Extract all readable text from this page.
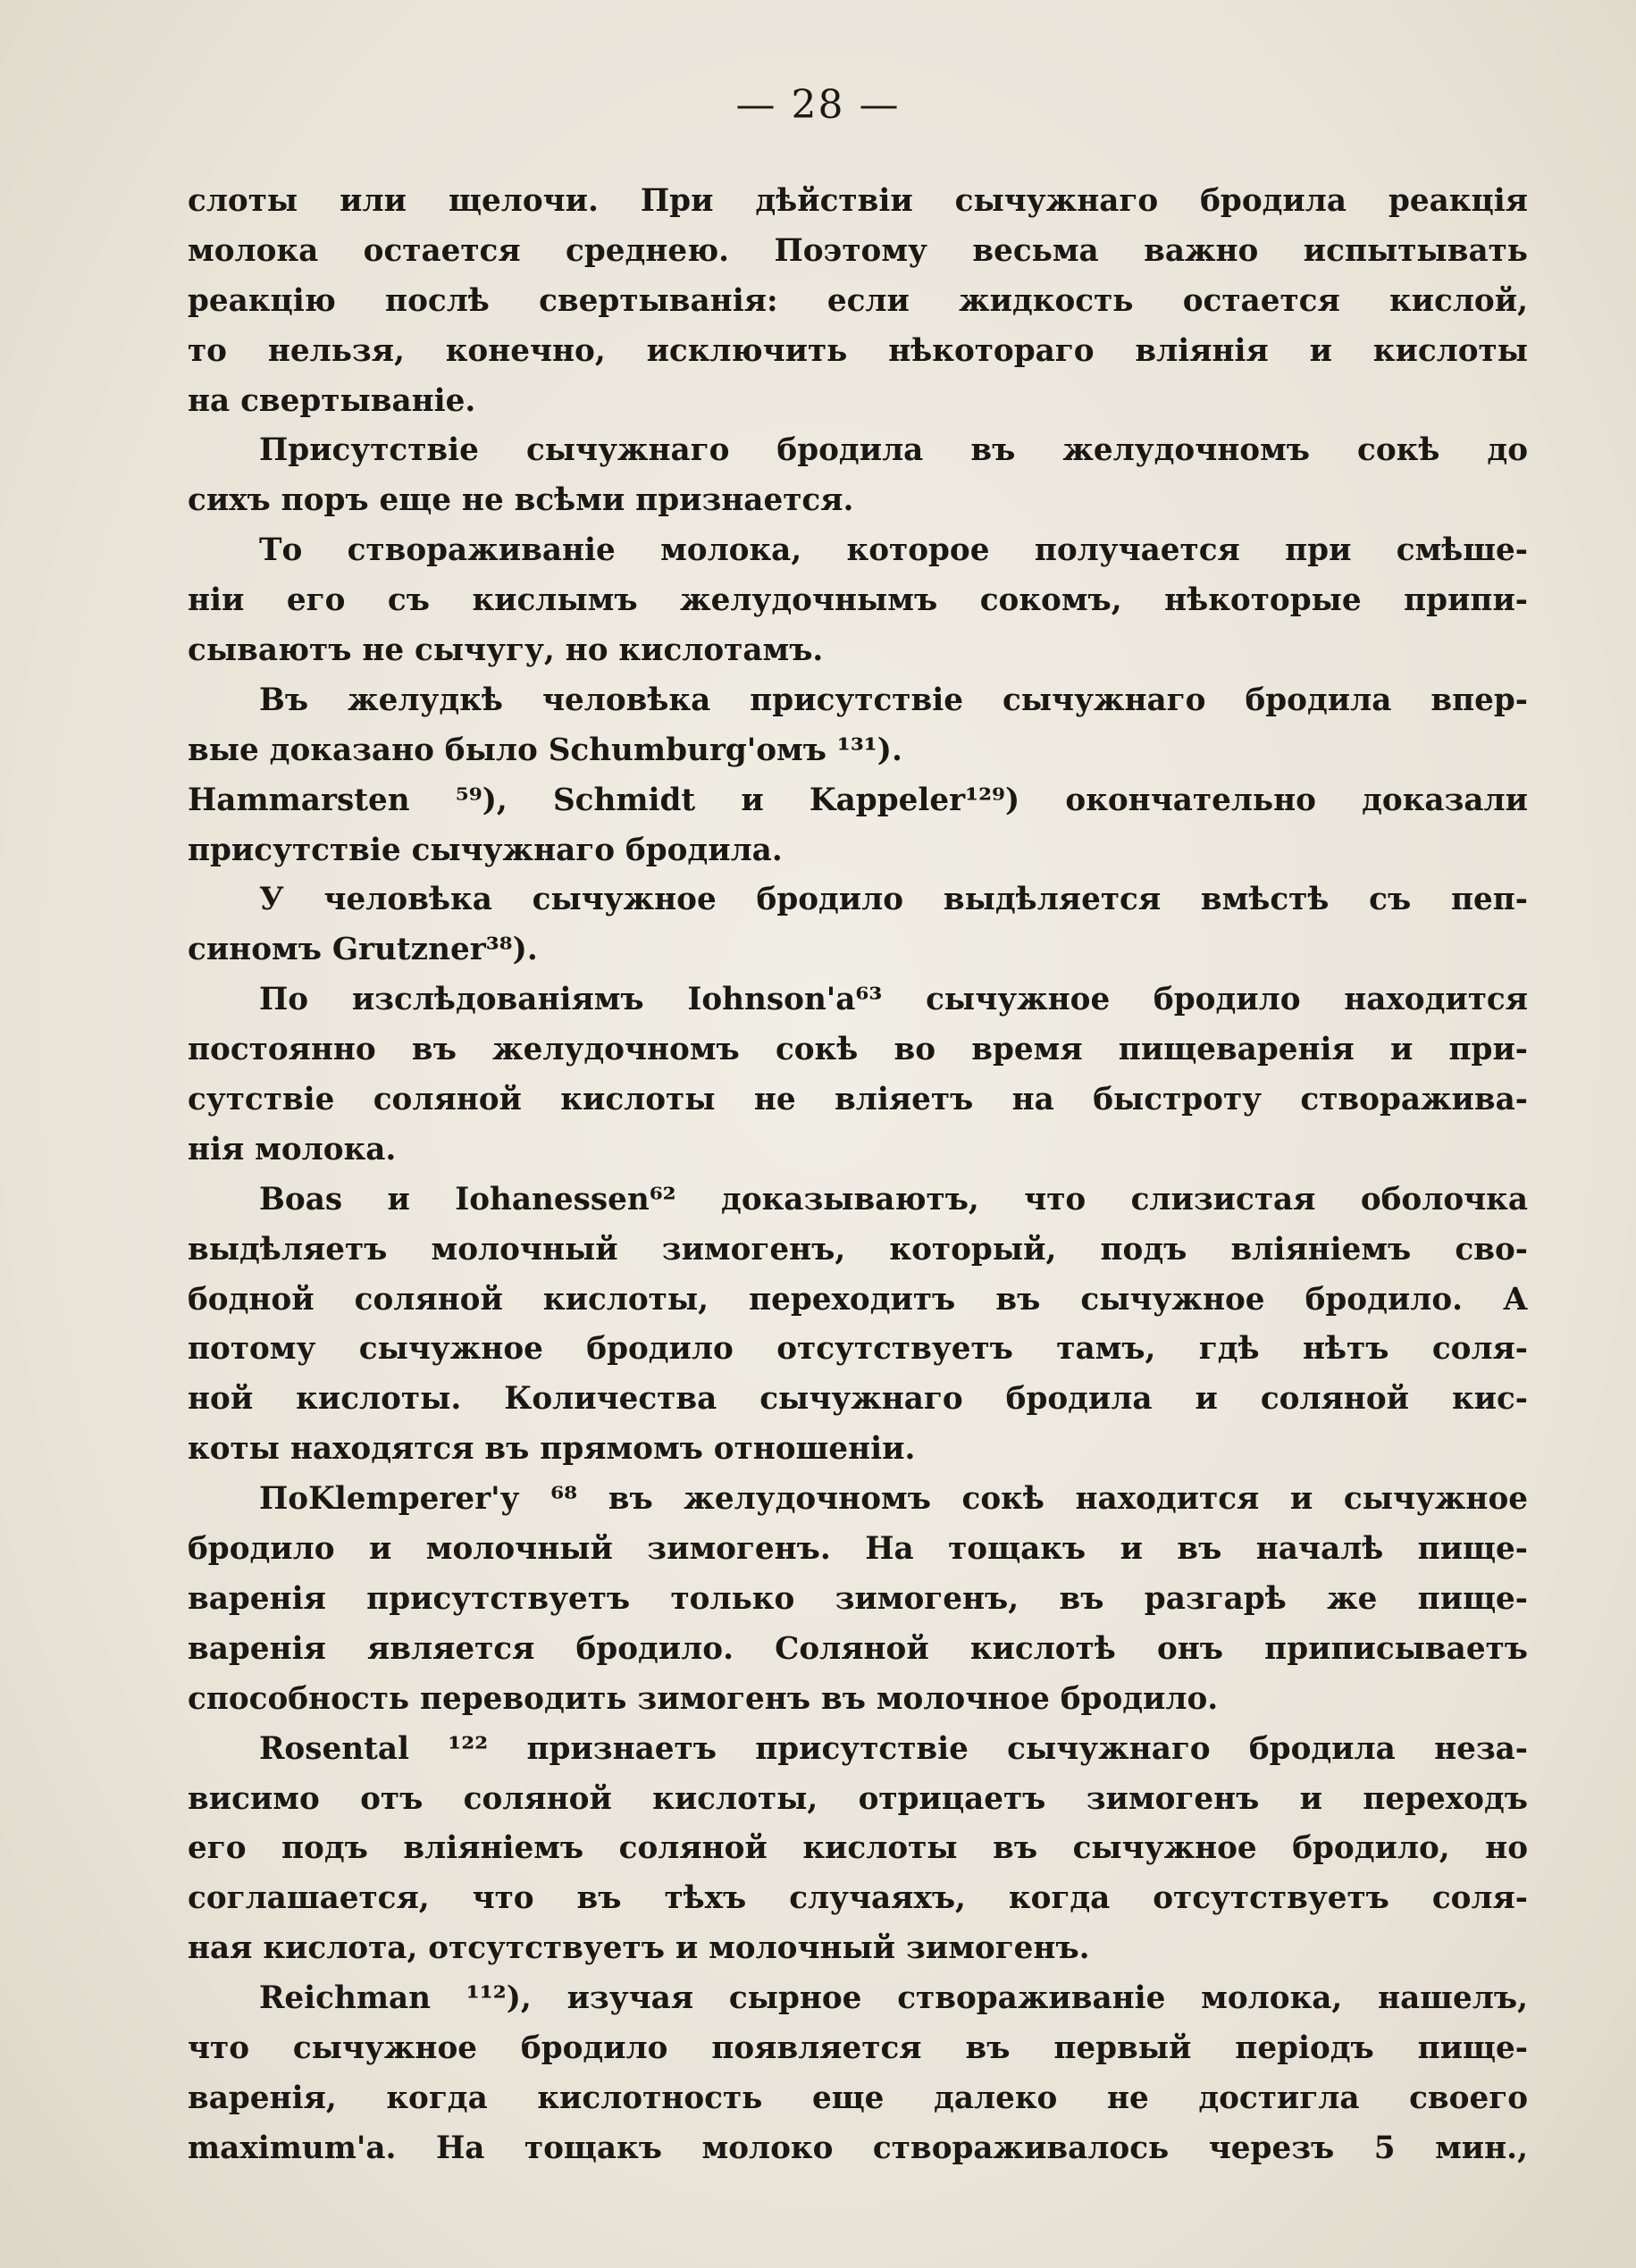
— 28 —

слоты или щелочи. При дѣйствіи сычужнаго бродила реакція
молока остается среднею. Поэтому весьма важно испытывать
реакцію послѣ свертыванія: если жидкость остается кислой,
то нельзя, конечно, исключить нѣкотораго вліянія и кислоты
на свертываніе.

Присутствіе сычужнаго бродила въ желудочномъ сокѣ до
сихъ поръ еще не всѣми признается.

То створаживаніе молока, которое получается при смѣше-
ніи его съ кислымъ желудочнымъ сокомъ, нѣкоторые припи-
сываютъ не сычугу, но кислотамъ.

Въ желудкѣ человѣка присутствіе сычужнаго бродила впер-
вые доказано было Schumburg'омъ ¹³¹).
Hammarsten ⁵⁹), Schmidt и Kappeler¹²⁹) окончательно доказали
присутствіе сычужнаго бродила.

У человѣка сычужное бродило выдѣляется вмѣстѣ съ пеп-
синомъ Grutzner³⁸).

По изслѣдованіямъ Iohnson'а⁶³ сычужное бродило находится
постоянно въ желудочномъ сокѣ во время пищеваренія и при-
сутствіе соляной кислоты не вліяетъ на быстроту створажива-
нія молока.

Boas и Iohanessen⁶² доказываютъ, что слизистая оболочка
выдѣляетъ молочный зимогенъ, который, подъ вліяніемъ сво-
бодной соляной кислоты, переходитъ въ сычужное бродило. А
потому сычужное бродило отсутствуетъ тамъ, гдѣ нѣтъ соля-
ной кислоты. Количества сычужнаго бродила и соляной кис-
коты находятся въ прямомъ отношеніи.

ПоKlemperer'у ⁶⁸ въ желудочномъ сокѣ находится и сычужное
бродило и молочный зимогенъ. На тощакъ и въ началѣ пище-
варенія присутствуетъ только зимогенъ, въ разгарѣ же пище-
варенія является бродило. Соляной кислотѣ онъ приписываетъ
способность переводить зимогенъ въ молочное бродило.

Rosental ¹²² признаетъ присутствіе сычужнаго бродила неза-
висимо отъ соляной кислоты, отрицаетъ зимогенъ и переходъ
его подъ вліяніемъ соляной кислоты въ сычужное бродило, но
соглашается, что въ тѣхъ случаяхъ, когда отсутствуетъ соля-
ная кислота, отсутствуетъ и молочный зимогенъ.

Reichman ¹¹²), изучая сырное створаживаніе молока, нашелъ,
что сычужное бродило появляется въ первый періодъ пище-
варенія, когда кислотность еще далеко не достигла своего
maximum'а. На тощакъ молоко створаживалось черезъ 5 мин.,
